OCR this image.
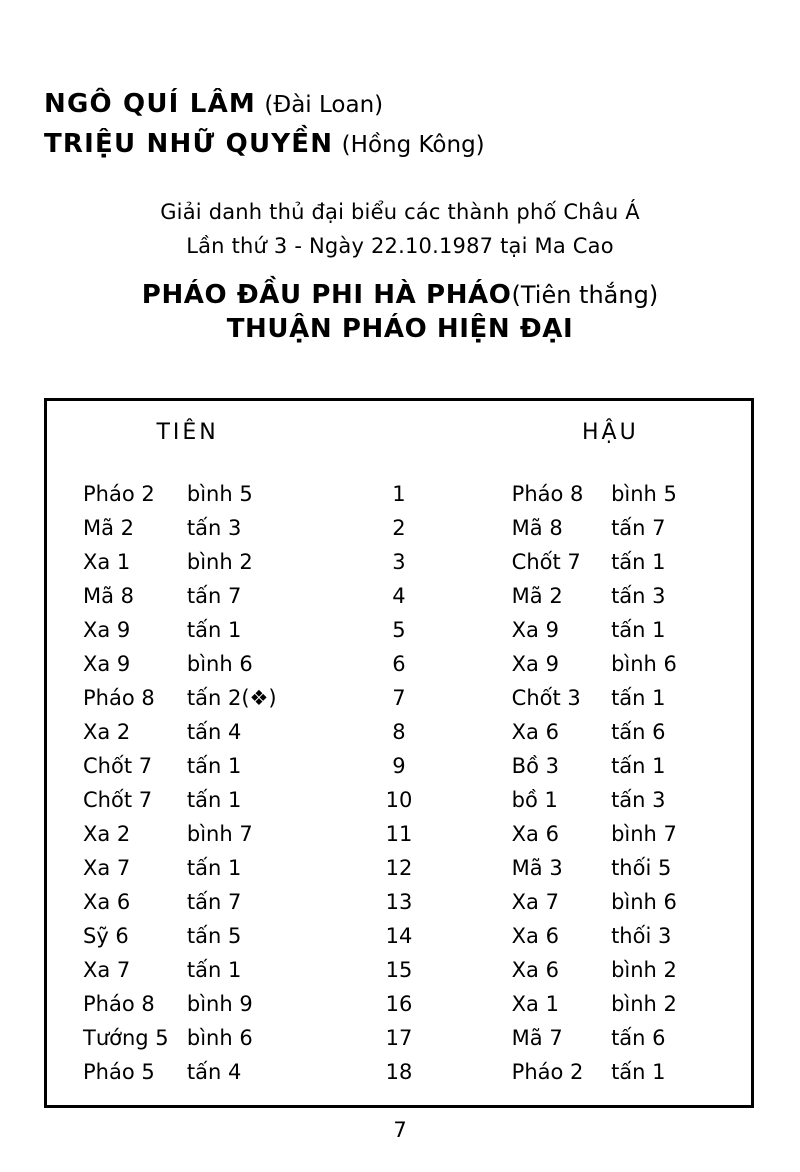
NGÔ QUÍ LÂM (Đài Loan)
TRIỆU NHỮ QUYỀN (Hồng Kông)
Giải danh thủ đại biểu các thành phố Châu Á
Lần thứ 3 - Ngày 22.10.1987 tại Ma Cao
PHÁO ĐẦU PHI HÀ PHÁO(Tiên thắng)
THUẬN PHÁO HIỆN ĐẠI
TIÊN			HẬU	

Pháo 2	bình 5	1	Pháo 8	bình 5
Mã 2	tấn 3	2	Mã 8	tấn 7
Xa 1	bình 2	3	Chốt 7	tấn 1
Mã 8	tấn 7	4	Mã 2	tấn 3
Xa 9	tấn 1	5	Xa 9	tấn 1
Xa 9	bình 6	6	Xa 9	bình 6
Pháo 8	tấn 2(❖)	7	Chốt 3	tấn 1
Xa 2	tấn 4	8	Xa 6	tấn 6
Chốt 7	tấn 1	9	Bồ 3	tấn 1
Chốt 7	tấn 1	10	bồ 1	tấn 3
Xa 2	bình 7	11	Xa 6	bình 7
Xa 7	tấn 1	12	Mã 3	thối 5
Xa 6	tấn 7	13	Xa 7	bình 6
Sỹ 6	tấn 5	14	Xa 6	thối 3
Xa 7	tấn 1	15	Xa 6	bình 2
Pháo 8	bình 9	16	Xa 1	bình 2
Tướng 5	bình 6	17	Mã 7	tấn 6
Pháo 5	tấn 4	18	Pháo 2	tấn 1

7
